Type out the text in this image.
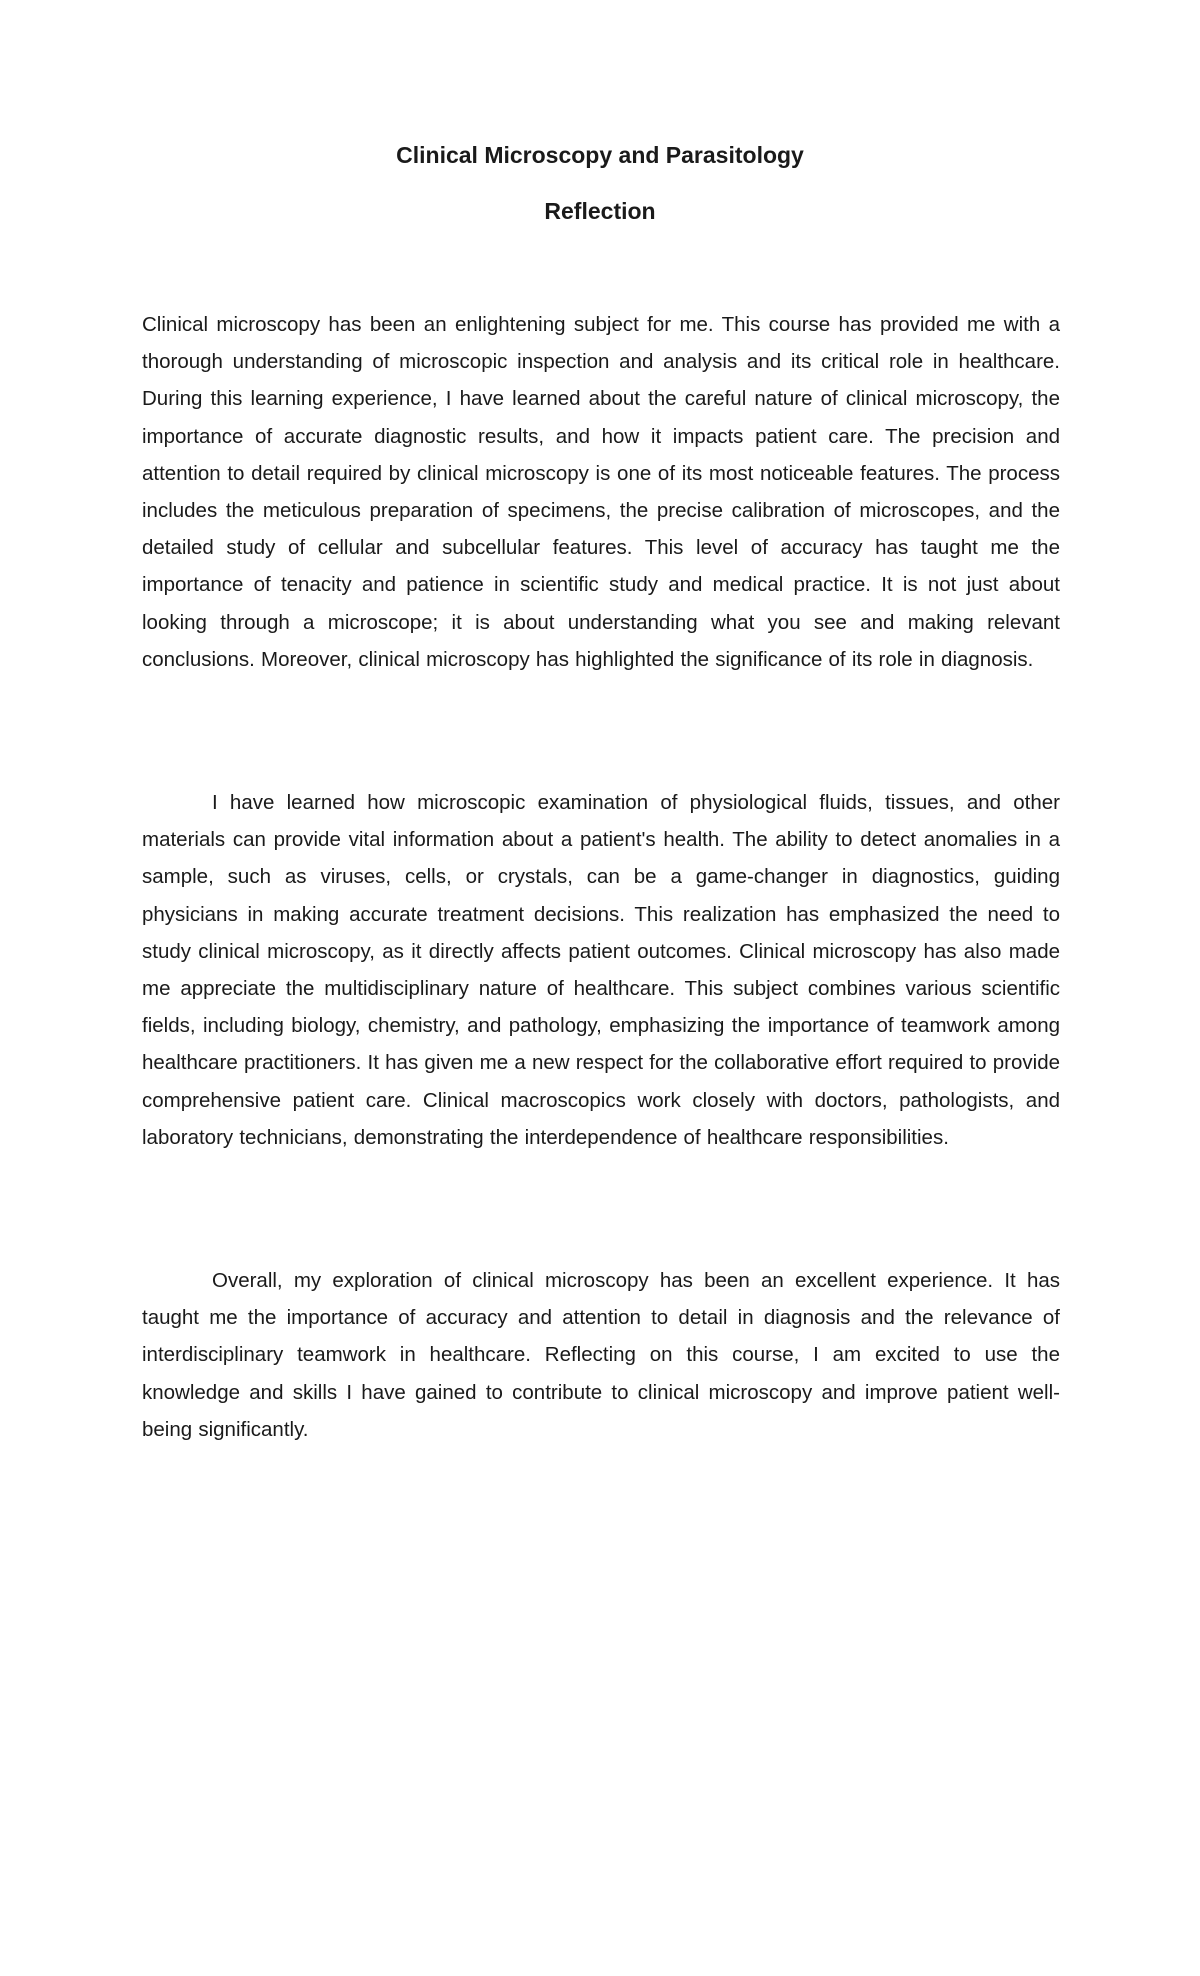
Clinical Microscopy and Parasitology
Reflection

Clinical microscopy has been an enlightening subject for me. This course has provided me with a thorough understanding of microscopic inspection and analysis and its critical role in healthcare. During this learning experience, I have learned about the careful nature of clinical microscopy, the importance of accurate diagnostic results, and how it impacts patient care. The precision and attention to detail required by clinical microscopy is one of its most noticeable features. The process includes the meticulous preparation of specimens, the precise calibration of microscopes, and the detailed study of cellular and subcellular features. This level of accuracy has taught me the importance of tenacity and patience in scientific study and medical practice. It is not just about looking through a microscope; it is about understanding what you see and making relevant conclusions. Moreover, clinical microscopy has highlighted the significance of its role in diagnosis.

I have learned how microscopic examination of physiological fluids, tissues, and other materials can provide vital information about a patient's health. The ability to detect anomalies in a sample, such as viruses, cells, or crystals, can be a game-changer in diagnostics, guiding physicians in making accurate treatment decisions. This realization has emphasized the need to study clinical microscopy, as it directly affects patient outcomes. Clinical microscopy has also made me appreciate the multidisciplinary nature of healthcare. This subject combines various scientific fields, including biology, chemistry, and pathology, emphasizing the importance of teamwork among healthcare practitioners. It has given me a new respect for the collaborative effort required to provide comprehensive patient care. Clinical macroscopics work closely with doctors, pathologists, and laboratory technicians, demonstrating the interdependence of healthcare responsibilities.

Overall, my exploration of clinical microscopy has been an excellent experience. It has taught me the importance of accuracy and attention to detail in diagnosis and the relevance of interdisciplinary teamwork in healthcare. Reflecting on this course, I am excited to use the knowledge and skills I have gained to contribute to clinical microscopy and improve patient well-being significantly.
